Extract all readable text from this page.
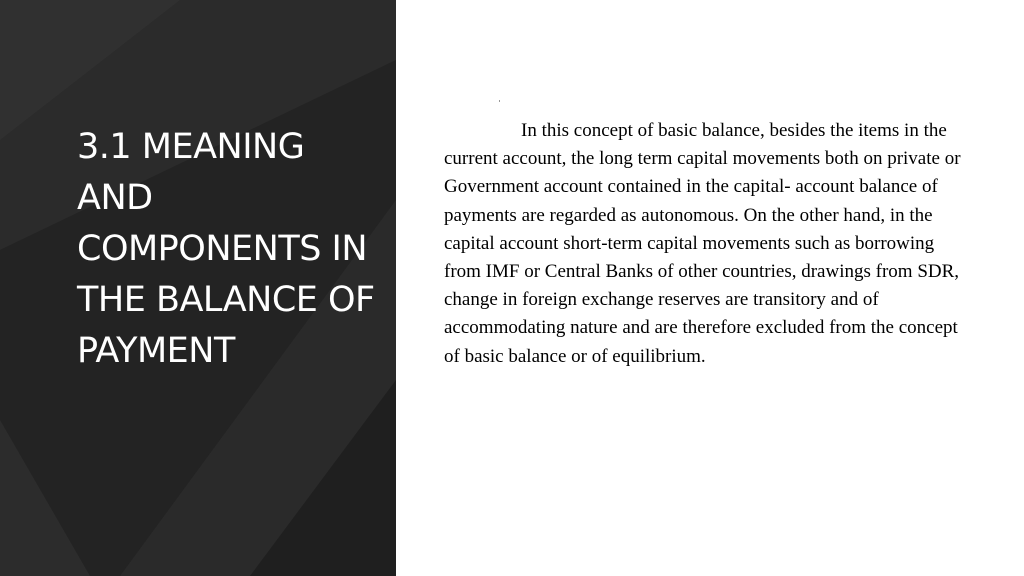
3.1 MEANING AND COMPONENTS IN THE BALANCE OF PAYMENT

In this concept of basic balance, besides the items in the current account, the long term capital movements both on private or Government account contained in the capital- account balance of payments are regarded as autonomous. On the other hand, in the capital account short-term capital movements such as borrowing from IMF or Central Banks of other countries, drawings from SDR, change in foreign exchange reserves are transitory and of accommodating nature and are therefore excluded from the concept of basic balance or of equilibrium.
